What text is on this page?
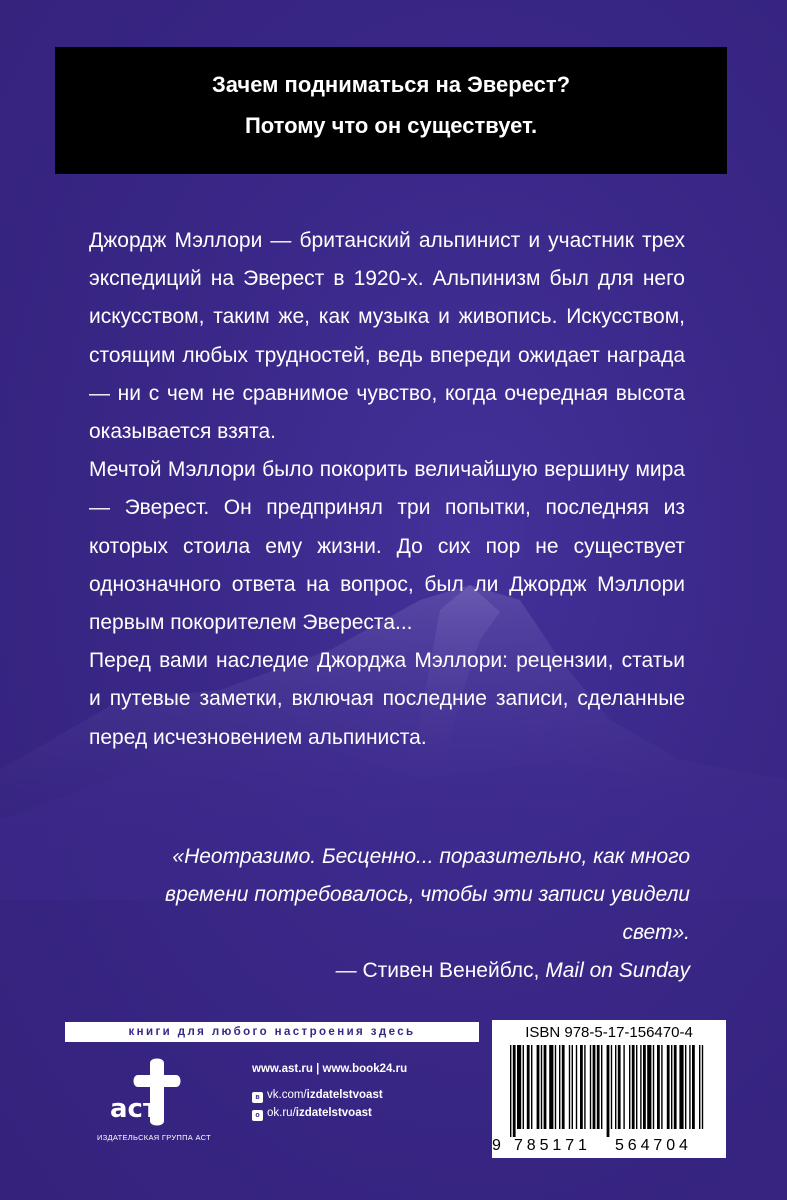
Зачем подниматься на Эверест?
Потому что он существует.

Джордж Мэллори — британский альпинист и участник трех экспедиций на Эверест в 1920-х. Альпинизм был для него искусством, таким же, как музыка и живопись. Искусством, стоящим любых трудностей, ведь впереди ожидает награда — ни с чем не сравнимое чувство, когда очередная высота оказывается взята.

Мечтой Мэллори было покорить величайшую вершину мира — Эверест. Он предпринял три попытки, последняя из которых стоила ему жизни. До сих пор не существует однозначного ответа на вопрос, был ли Джордж Мэллори первым покорителем Эвереста...

Перед вами наследие Джорджа Мэллори: рецензии, статьи и путевые заметки, включая последние записи, сделанные перед исчезновением альпиниста.

«Неотразимо. Бесценно... поразительно, как много времени потребовалось, чтобы эти записи увидели свет».
— Стивен Венейблс, Mail on Sunday
книги для любого настроения здесь
аст
ИЗДАТЕЛЬСКАЯ ГРУППА АСТ
www.ast.ru | www.book24.ru
в vk.com/izdatelstvoast
о ok.ru/izdatelstvoast
ISBN 978-5-17-156470-4
9 785171 564704
